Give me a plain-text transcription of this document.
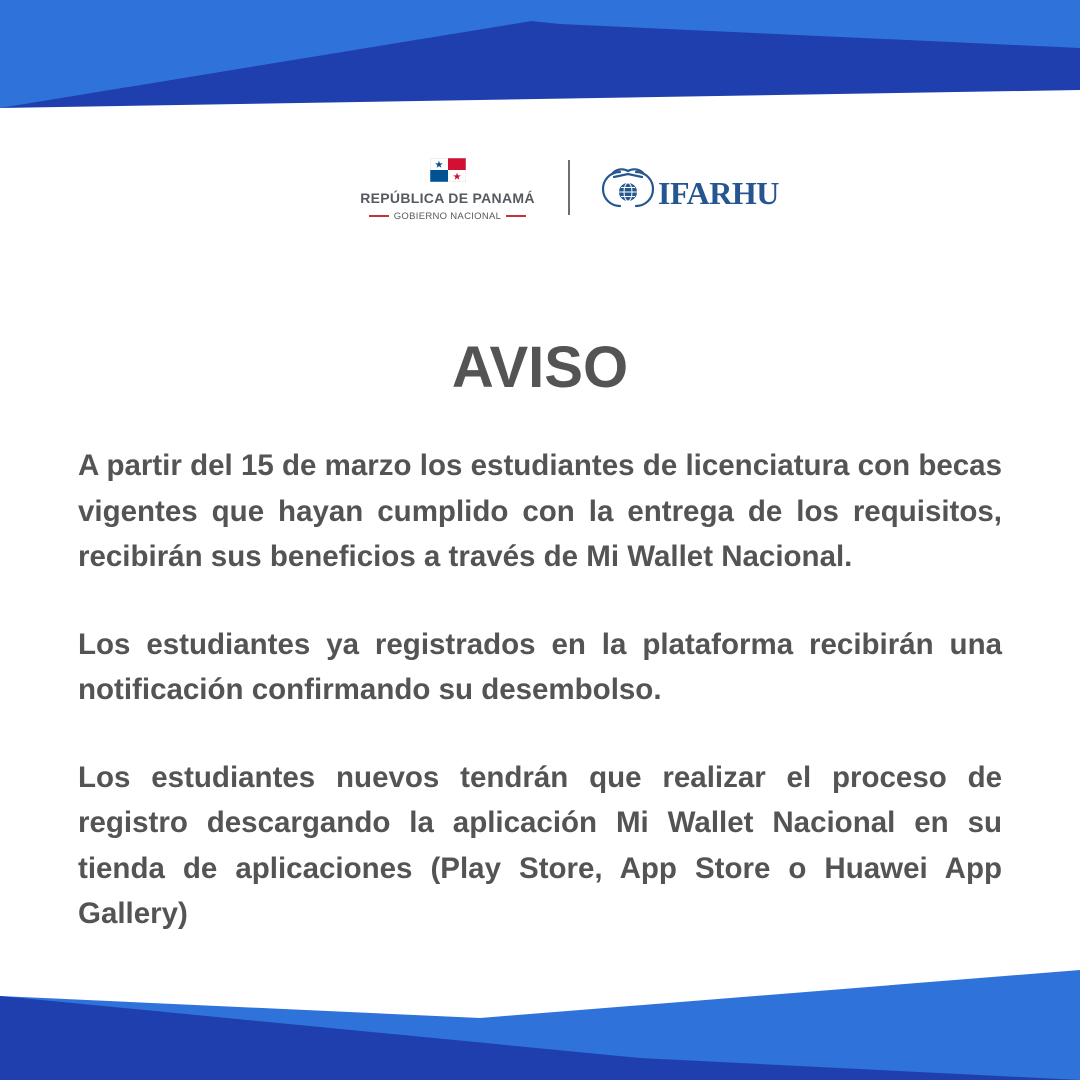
REPÚBLICA DE PANAMÁ
GOBIERNO NACIONAL
IFARHU
AVISO

A partir del 15 de marzo los estudiantes de licenciatura con becas vigentes que hayan cumplido con la entrega de los requisitos, recibirán sus beneficios a través de Mi Wallet Nacional.

Los estudiantes ya registrados en la plataforma recibirán una notificación confirmando su desembolso.

Los estudiantes nuevos tendrán que realizar el proceso de registro descargando la aplicación Mi Wallet Nacional en su tienda de aplicaciones (Play Store, App Store o Huawei App Gallery)
